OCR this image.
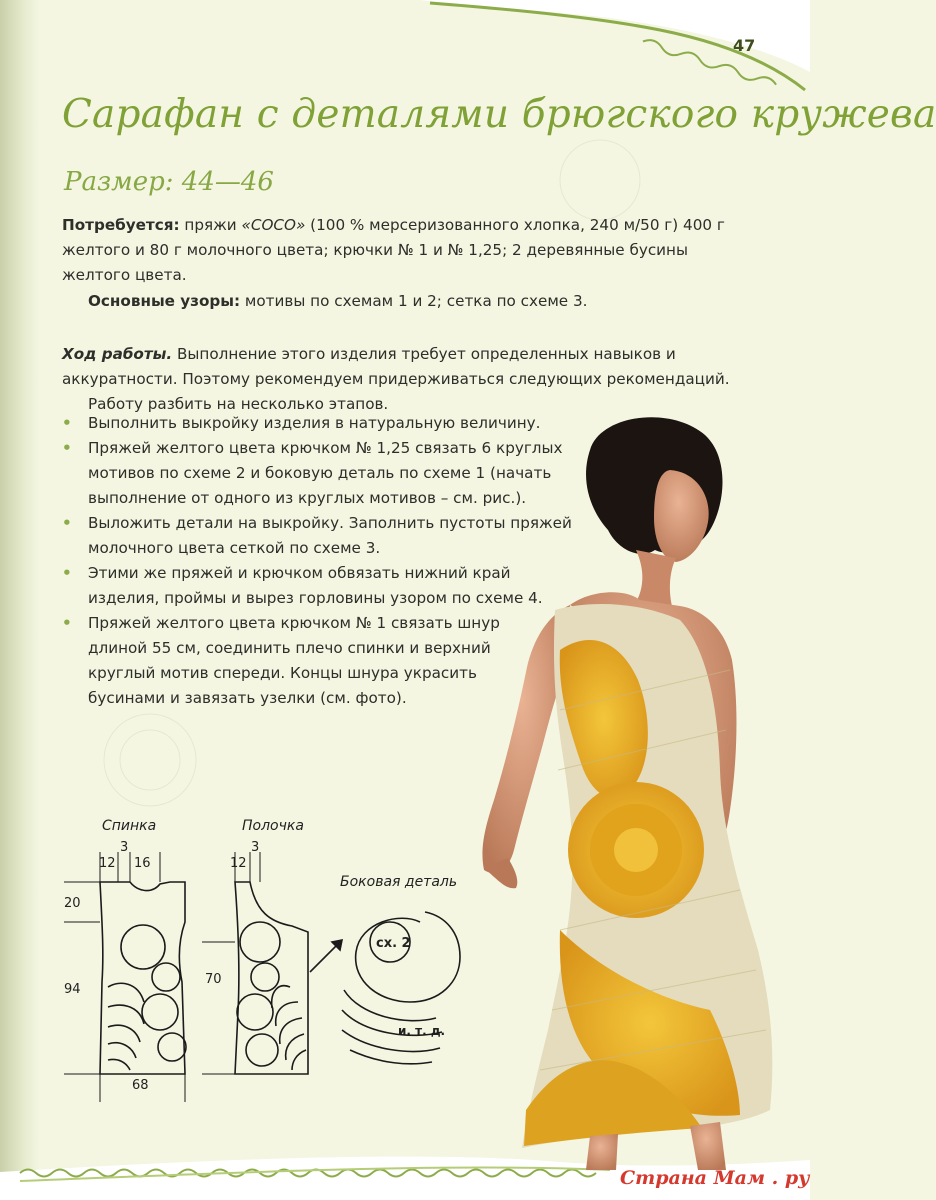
47
Сарафан с деталями брюгского кружева
Размер: 44—46
Потребуется: пряжи «СОСО» (100 % мерсеризованного хлопка, 240 м/50 г) 400 г желтого и 80 г молочного цвета; крючки № 1 и № 1,25; 2 деревянные бусины желтого цвета.
Основные узоры: мотивы по схемам 1 и 2; сетка по схеме 3.
Ход работы. Выполнение этого изделия требует определенных навыков и аккуратности. Поэтому рекомендуем придерживаться следующих рекомендаций.
Работу разбить на несколько этапов.
• Выполнить выкройку изделия в натуральную величину.
• Пряжей желтого цвета крючком № 1,25 связать 6 круглых мотивов по схеме 2 и боковую деталь по схеме 1 (начать выполнение от одного из круглых мотивов – см. рис.).
• Выложить детали на выкройку. Заполнить пустоты пряжей молочного цвета сеткой по схеме 3.
• Этими же пряжей и крючком обвязать нижний край изделия, проймы и вырез горловины узором по схеме 4.
• Пряжей желтого цвета крючком № 1 связать шнур длиной 55 см, соединить плечо спинки и верхний круглый мотив спереди. Концы шнура украсить бусинами и завязать узелки (см. фото).
Спинка	Полочка
Боковая деталь
12
3
16
20
94
68
12
3
70
сх. 2
и. т. д.
Страна Мам . ру
